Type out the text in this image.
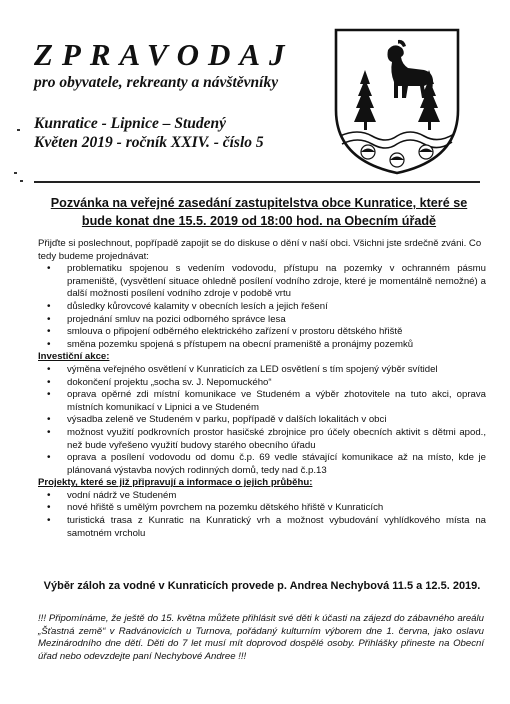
ZPRAVODAJ
pro obyvatele, rekreanty a návštěvníky
Kunratice - Lipnice – Studený
Květen 2019 - ročník XXIV. - číslo 5
Pozvánka na veřejné zasedání zastupitelstva obce Kunratice, které se bude konat dne 15.5. 2019 od 18:00 hod. na Obecním úřadě

Přijďte si poslechnout, popřípadě zapojit se do diskuse o dění v naší obci. Všichni jste srdečně zváni. Co tedy budeme projednávat:

• problematiku spojenou s vedením vodovodu, přístupu na pozemky v ochranném pásmu prameniště, (vysvětlení situace ohledně posílení vodního zdroje, které je momentálně nemožné) a další možnosti posílení vodního zdroje v podobě vrtu
• důsledky kůrovcové kalamity v obecních lesích a jejich řešení
• projednání smluv na pozici odborného správce lesa
• smlouva o připojení odběrného elektrického zařízení v prostoru dětského hřiště
• směna pozemku spojená s přístupem na obecní prameniště a pronájmy pozemků

Investiční akce:

• výměna veřejného osvětlení v Kunraticích za LED osvětlení s tím spojený výběr svítidel
• dokončení projektu „socha sv. J. Nepomuckého“
• oprava opěrné zdi místní komunikace ve Studeném a výběr zhotovitele na tuto akci, oprava místních komunikací v Lipnici a ve Studeném
• výsadba zeleně ve Studeném v parku, popřípadě v dalších lokalitách v obci
• možnost využití podkrovních prostor hasičské zbrojnice pro účely obecních aktivit s dětmi apod., než bude vyřešeno využití budovy starého obecního úřadu
• oprava a posílení vodovodu od domu č.p. 69 vedle stávající komunikace až na místo, kde je plánovaná výstavba nových rodinných domů, tedy nad č.p.13

Projekty, které se již připravují a informace o jejich průběhu:

• vodní nádrž ve Studeném
• nové hřiště s umělým povrchem na pozemku dětského hřiště v Kunraticích
• turistická trasa z Kunratic na Kunratický vrh a možnost vybudování vyhlídkového místa na samotném vrcholu
Výběr záloh za vodné v Kunraticích provede p. Andrea Nechybová 11.5 a 12.5. 2019.

!!! Připomínáme, že ještě do 15. května můžete přihlásit své děti k účasti na zájezd do zábavného areálu „Šťastná země“ v Radvánovicích u Turnova, pořádaný kulturním výborem dne 1. června, jako oslavu Mezinárodního dne dětí. Děti do 7 let musí mít doprovod dospělé osoby. Přihlášky přineste na Obecní úřad nebo odevzdejte paní Nechybové Andree !!!
